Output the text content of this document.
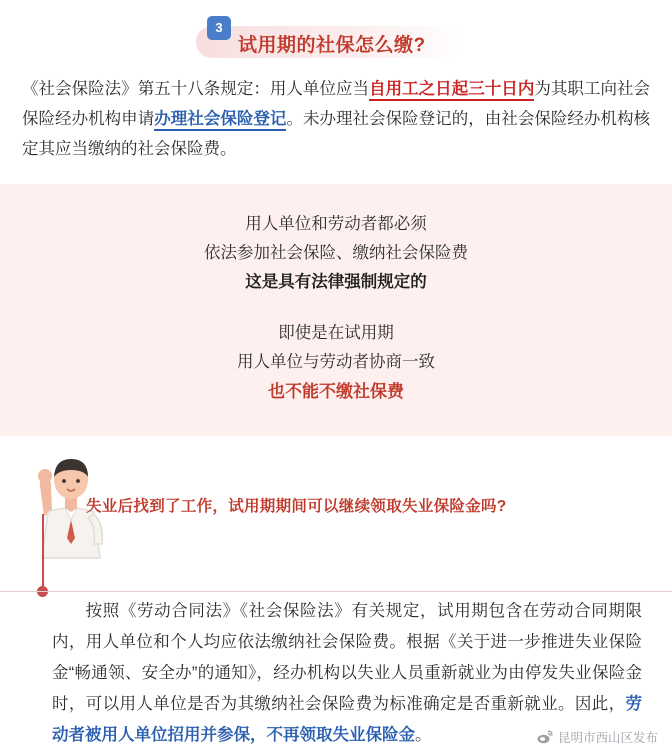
3
试用期的社保怎么缴?
《社会保险法》第五十八条规定：用人单位应当自用工之日起三十日内为其职工向社会保险经办机构申请办理社会保险登记。未办理社会保险登记的，由社会保险经办机构核定其应当缴纳的社会保险费。
用人单位和劳动者都必须
依法参加社会保险、缴纳社会保险费
这是具有法律强制规定的
即使是在试用期
用人单位与劳动者协商一致
也不能不缴社保费
失业后找到了工作，试用期期间可以继续领取失业保险金吗?
按照《劳动合同法》《社会保险法》有关规定，试用期包含在劳动合同期限内，用人单位和个人均应依法缴纳社会保险费。根据《关于进一步推进失业保险金“畅通领、安全办”的通知》，经办机构以失业人员重新就业为由停发失业保险金时，可以用人单位是否为其缴纳社会保险费为标准确定是否重新就业。因此，劳动者被用人单位招用并参保，不再领取失业保险金。	昆明市西山区发布
